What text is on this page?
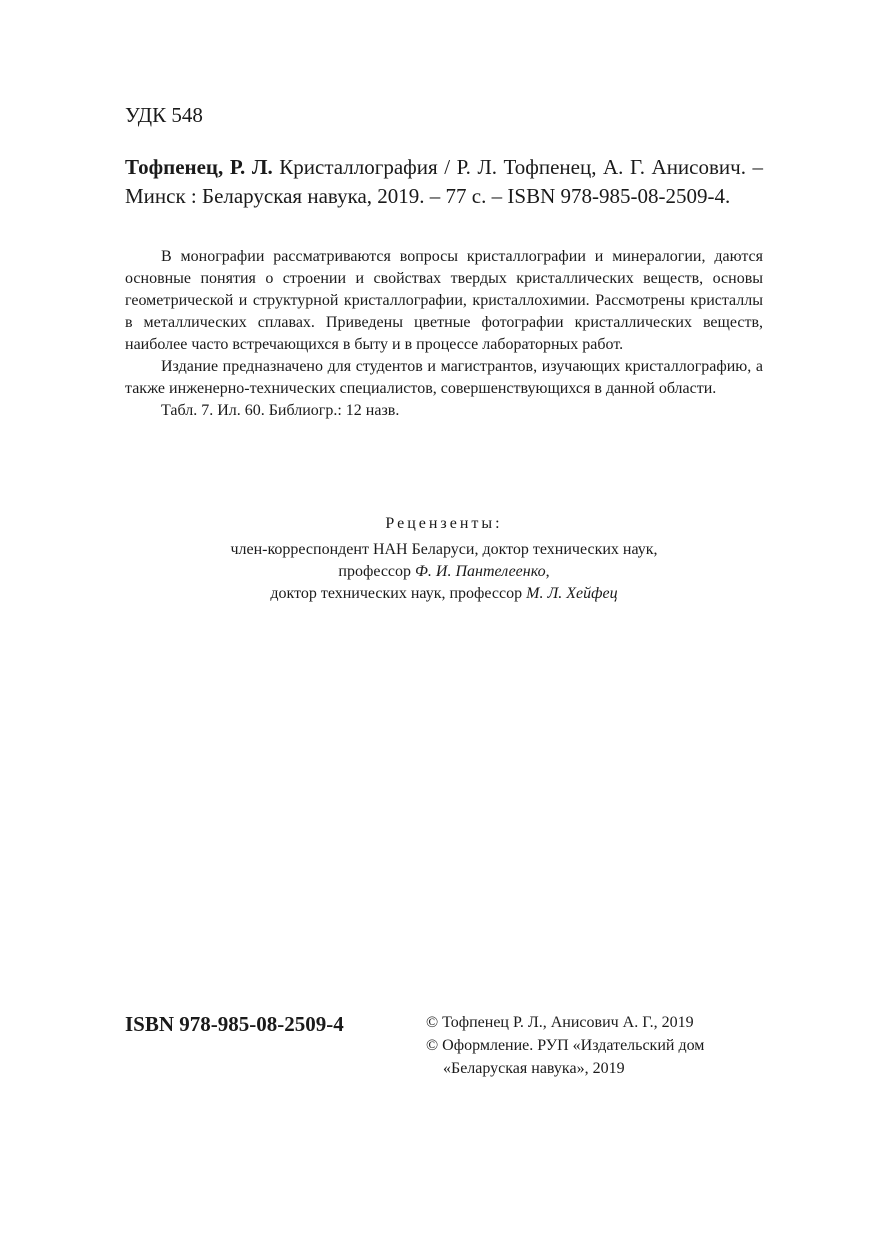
УДК 548
Тофпенец, Р. Л. Кристаллография / Р. Л. Тофпенец, А. Г. Анисович. – Минск : Беларуская навука, 2019. – 77 с. – ISBN 978-985-08-2509-4.

В монографии рассматриваются вопросы кристаллографии и минералогии, даются основные понятия о строении и свойствах твердых кристаллических веществ, основы геометрической и структурной кристаллографии, кристаллохимии. Рассмотрены кристаллы в металлических сплавах. Приведены цветные фотографии кристаллических веществ, наиболее часто встречающихся в быту и в процессе лабораторных работ.

Издание предназначено для студентов и магистрантов, изучающих кристаллографию, а также инженерно-технических специалистов, совершенствующихся в данной области.

Табл. 7. Ил. 60. Библиогр.: 12 назв.

Рецензенты:
член-корреспондент НАН Беларуси, доктор технических наук,
профессор Ф. И. Пантелеенко,
доктор технических наук, профессор М. Л. Хейфец
ISBN 978-985-08-2509-4	© Тофпенец Р. Л., Анисович А. Г., 2019
© Оформление. РУП «Издательский дом
«Беларуская навука», 2019
